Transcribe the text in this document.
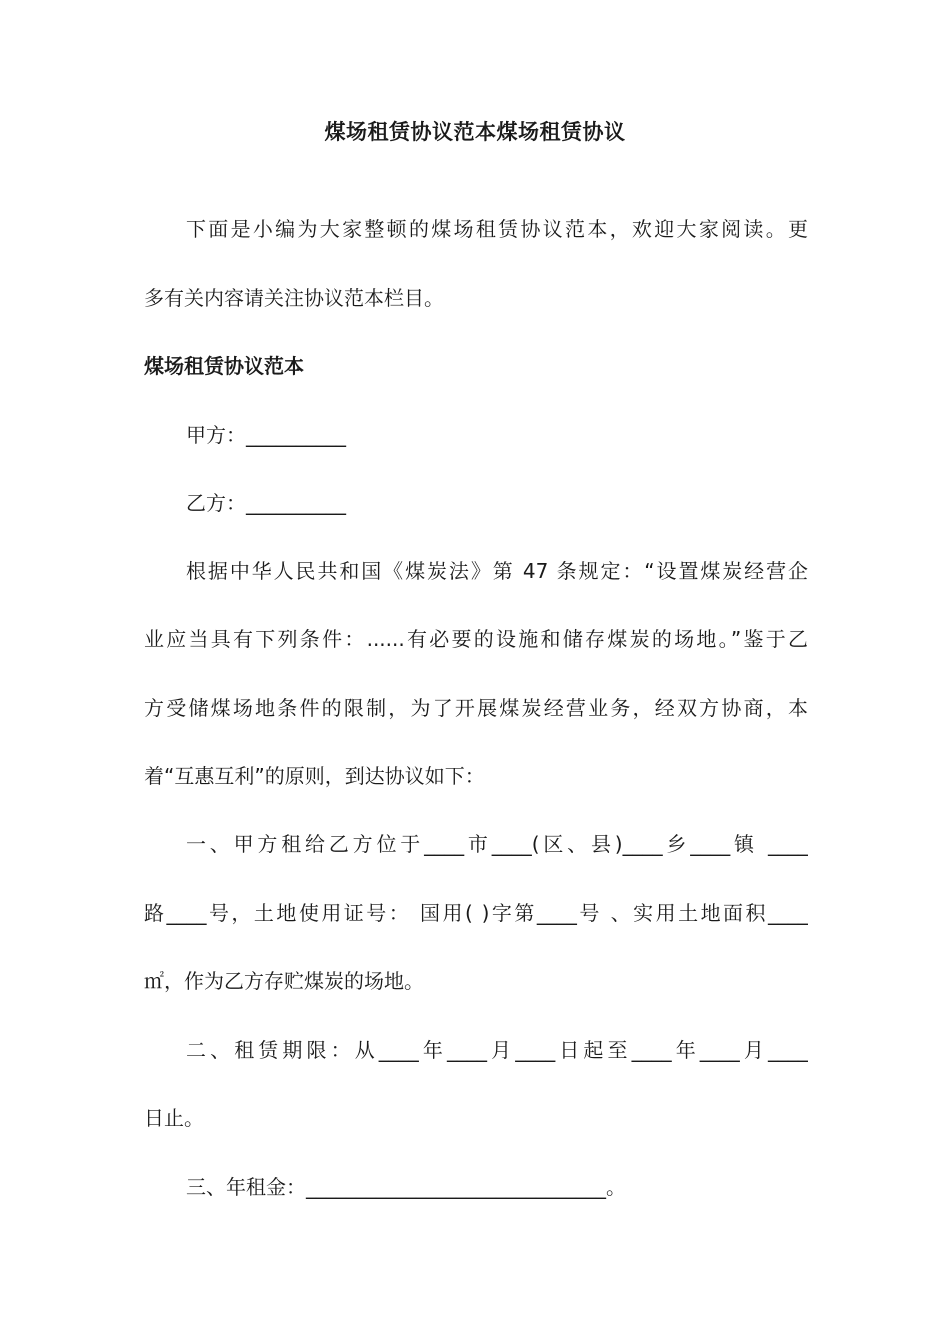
煤场租赁协议范本煤场租赁协议
下面是小编为大家整顿的煤场租赁协议范本，欢迎大家阅读。更
多有关内容请关注协议范本栏目。
煤场租赁协议范本
甲方：__________
乙方：__________
根据中华人民共和国《煤炭法》第 47 条规定：“设置煤炭经营企
业应当具有下列条件：......有必要的设施和储存煤炭的场地。”鉴于乙
方受储煤场地条件的限制，为了开展煤炭经营业务，经双方协商，本
着“互惠互利”的原则，到达协议如下：
一、甲方租给乙方位于____市____(区、县)____乡____镇 ____
路____号，土地使用证号： 国用( )字第____号 、实用土地面积____
㎡，作为乙方存贮煤炭的场地。
二、租赁期限：从____年____月____日起至____年____月____
日止。
三、年租金：______________________________。
